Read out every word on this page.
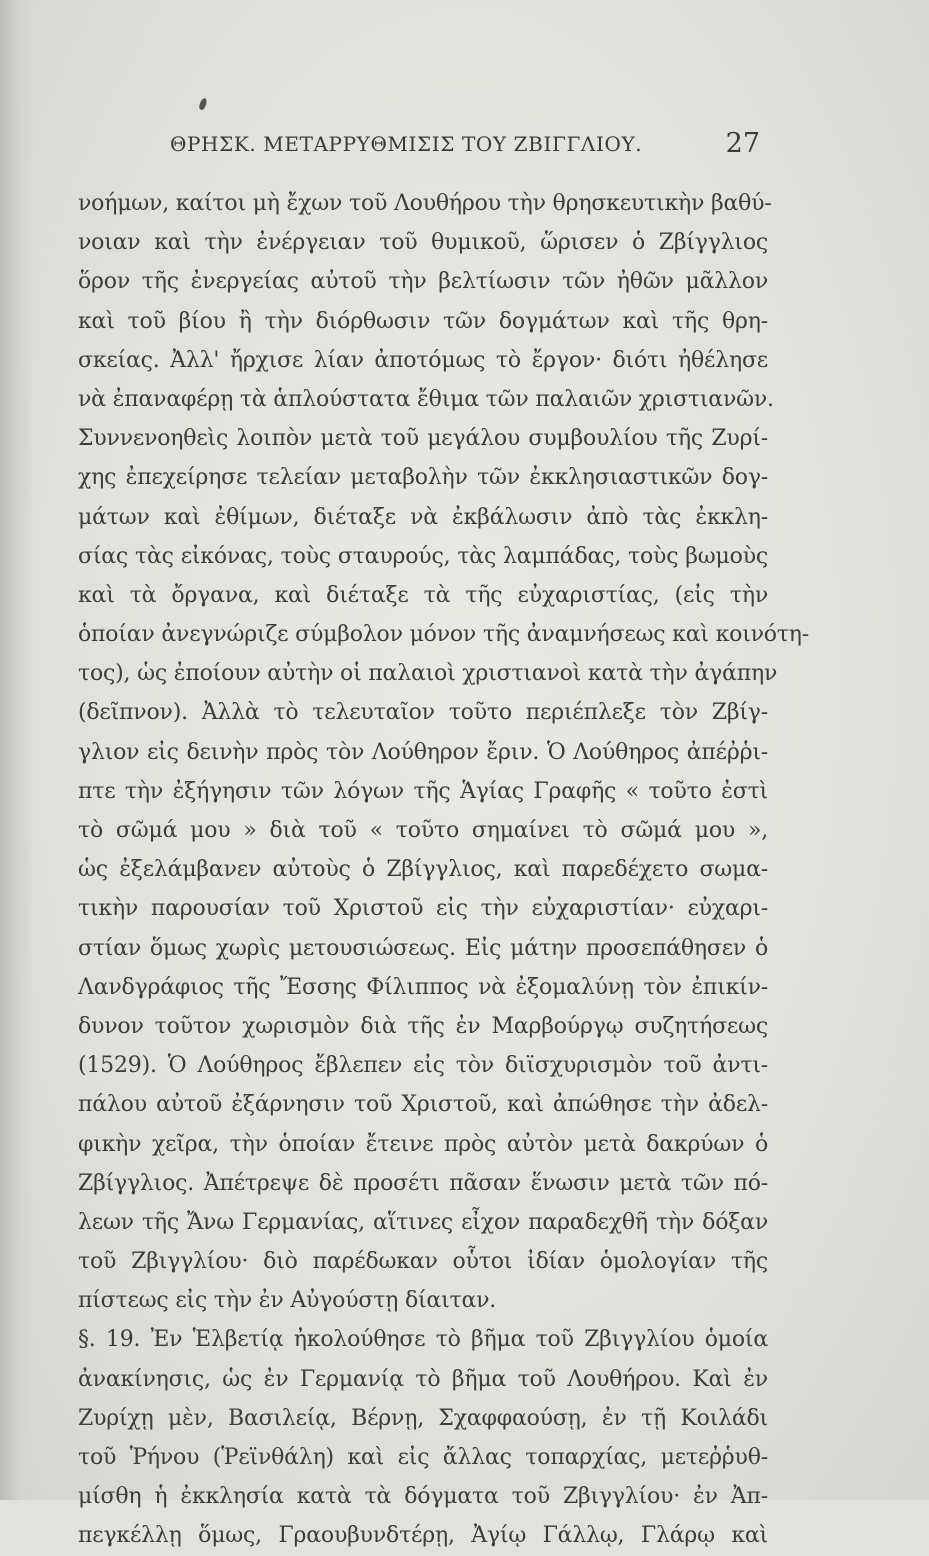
ΘΡΗΣΚ. ΜΕΤΑΡΡΥΘΜΙΣΙΣ ΤΟΥ ΖΒΙΓΓΛΙΟΥ.	27
νοήμων, καίτοι μὴ ἔχων τοῦ Λουθήρου τὴν θρησκευτικὴν βαθύ-
νοιαν καὶ τὴν ἐνέργειαν τοῦ θυμικοῦ, ὥρισεν ὁ Ζβίγγλιος
ὅρον τῆς ἐνεργείας αὐτοῦ τὴν βελτίωσιν τῶν ἠθῶν μᾶλλον
καὶ τοῦ βίου ἢ τὴν διόρθωσιν τῶν δογμάτων καὶ τῆς θρη-
σκείας. Ἀλλ' ἤρχισε λίαν ἀποτόμως τὸ ἔργον· διότι ἠθέλησε
νὰ ἐπαναφέρῃ τὰ ἁπλούστατα ἔθιμα τῶν παλαιῶν χριστιανῶν.
Συννενοηθεὶς λοιπὸν μετὰ τοῦ μεγάλου συμβουλίου τῆς Ζυρί-
χης ἐπεχείρησε τελείαν μεταβολὴν τῶν ἐκκλησιαστικῶν δογ-
μάτων καὶ ἐθίμων, διέταξε νὰ ἐκβάλωσιν ἀπὸ τὰς ἐκκλη-
σίας τὰς εἰκόνας, τοὺς σταυρούς, τὰς λαμπάδας, τοὺς βωμοὺς
καὶ τὰ ὄργανα, καὶ διέταξε τὰ τῆς εὐχαριστίας, (εἰς τὴν
ὁποίαν ἀνεγνώριζε σύμβολον μόνον τῆς ἀναμνήσεως καὶ κοινότη-
τος), ὡς ἐποίουν αὐτὴν οἱ παλαιοὶ χριστιανοὶ κατὰ τὴν ἀγάπην
(δεῖπνον). Ἀλλὰ τὸ τελευταῖον τοῦτο περιέπλεξε τὸν Ζβίγ-
γλιον εἰς δεινὴν πρὸς τὸν Λούθηρον ἔριν. Ὁ Λούθηρος ἀπέῤῥι-
πτε τὴν ἐξήγησιν τῶν λόγων τῆς Ἁγίας Γραφῆς « τοῦτο ἐστὶ
τὸ σῶμά μου » διὰ τοῦ « τοῦτο σημαίνει τὸ σῶμά μου »,
ὡς ἐξελάμβανεν αὐτοὺς ὁ Ζβίγγλιος, καὶ παρεδέχετο σωμα-
τικὴν παρουσίαν τοῦ Χριστοῦ εἰς τὴν εὐχαριστίαν· εὐχαρι-
στίαν ὅμως χωρὶς μετουσιώσεως. Εἰς μάτην προσεπάθησεν ὁ
Λανδγράφιος τῆς Ἔσσης Φίλιππος νὰ ἐξομαλύνῃ τὸν ἐπικίν-
δυνον τοῦτον χωρισμὸν διὰ τῆς ἐν Μαρβούργῳ συζητήσεως
(1529). Ὁ Λούθηρος ἔβλεπεν εἰς τὸν διϊσχυρισμὸν τοῦ ἀντι-
πάλου αὐτοῦ ἐξάρνησιν τοῦ Χριστοῦ, καὶ ἀπώθησε τὴν ἀδελ-
φικὴν χεῖρα, τὴν ὁποίαν ἔτεινε πρὸς αὐτὸν μετὰ δακρύων ὁ
Ζβίγγλιος. Ἀπέτρεψε δὲ προσέτι πᾶσαν ἕνωσιν μετὰ τῶν πό-
λεων τῆς Ἄνω Γερμανίας, αἵτινες εἶχον παραδεχθῆ τὴν δόξαν
τοῦ Ζβιγγλίου· διὸ παρέδωκαν οὗτοι ἰδίαν ὁμολογίαν τῆς
πίστεως εἰς τὴν ἐν Αὐγούστῃ δίαιταν.
§. 19. Ἐν Ἑλβετίᾳ ἠκολούθησε τὸ βῆμα τοῦ Ζβιγγλίου ὁμοία
ἀνακίνησις, ὡς ἐν Γερμανίᾳ τὸ βῆμα τοῦ Λουθήρου. Καὶ ἐν
Ζυρίχῃ μὲν, Βασιλείᾳ, Βέρνῃ, Σχαφφαούσῃ, ἐν τῇ Κοιλάδι
τοῦ Ῥήνου (Ῥεϊνθάλη) καὶ εἰς ἄλλας τοπαρχίας, μετεῤῥυθ-
μίσθη ἡ ἐκκλησία κατὰ τὰ δόγματα τοῦ Ζβιγγλίου· ἐν Ἀπ-
πεγκέλλῃ ὅμως, Γραουβυνδτέρῃ, Ἀγίῳ Γάλλῳ, Γλάρῳ καὶ
